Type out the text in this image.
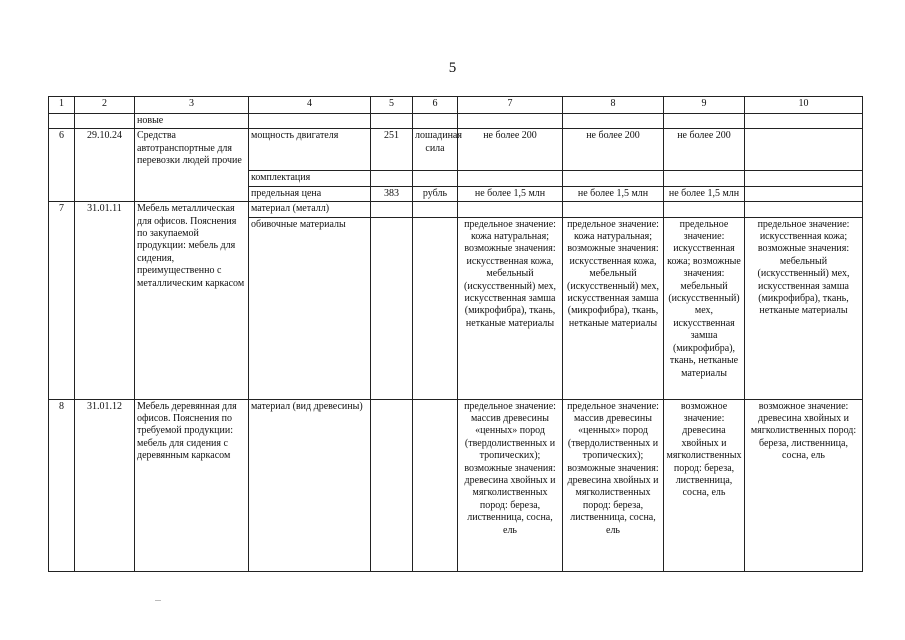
5
1	2	3	4	5	6	7	8	9	10
		новые							
6	29.10.24	Средства автотранспортные для перевозки людей прочие	мощность двигателя	251	лошадиная сила	не более 200	не более 200	не более 200	
			комплектация						
			предельная цена	383	рубль	не более 1,5 млн	не более 1,5 млн	не более 1,5 млн	
7	31.01.11	Мебель металлическая для офисов. Пояснения по закупаемой продукции: мебель для сидения, преимущественно с металлическим каркасом	материал (металл)						
			обивочные материалы			предельное значение: кожа натуральная; возможные значения: искусственная кожа, мебельный (искусственный) мех, искусственная замша (микрофибра), ткань, нетканые материалы	предельное значение: кожа натуральная; возможные значения: искусственная кожа, мебельный (искусственный) мех, искусственная замша (микрофибра), ткань, нетканые материалы	предельное значение: искусственная кожа; возможные значения: мебельный (искусственный) мех, искусственная замша (микрофибра), ткань, нетканые материалы	предельное значение: искусственная кожа; возможные значения: мебельный (искусственный) мех, искусственная замша (микрофибра), ткань, нетканые материалы
8	31.01.12	Мебель деревянная для офисов. Пояснения по требуемой продукции: мебель для сидения с деревянным каркасом	материал (вид древесины)			предельное значение: массив древесины «ценных» пород (твердолиственных и тропических); возможные значения: древесина хвойных и мягколиственных пород: береза, лиственница, сосна, ель	предельное значение: массив древесины «ценных» пород (твердолиственных и тропических); возможные значения: древесина хвойных и мягколиственных пород: береза, лиственница, сосна, ель	возможное значение: древесина хвойных и мягколиственных пород: береза, лиственница, сосна, ель	возможное значение: древесина хвойных и мягколиственных пород: береза, лиственница, сосна, ель
